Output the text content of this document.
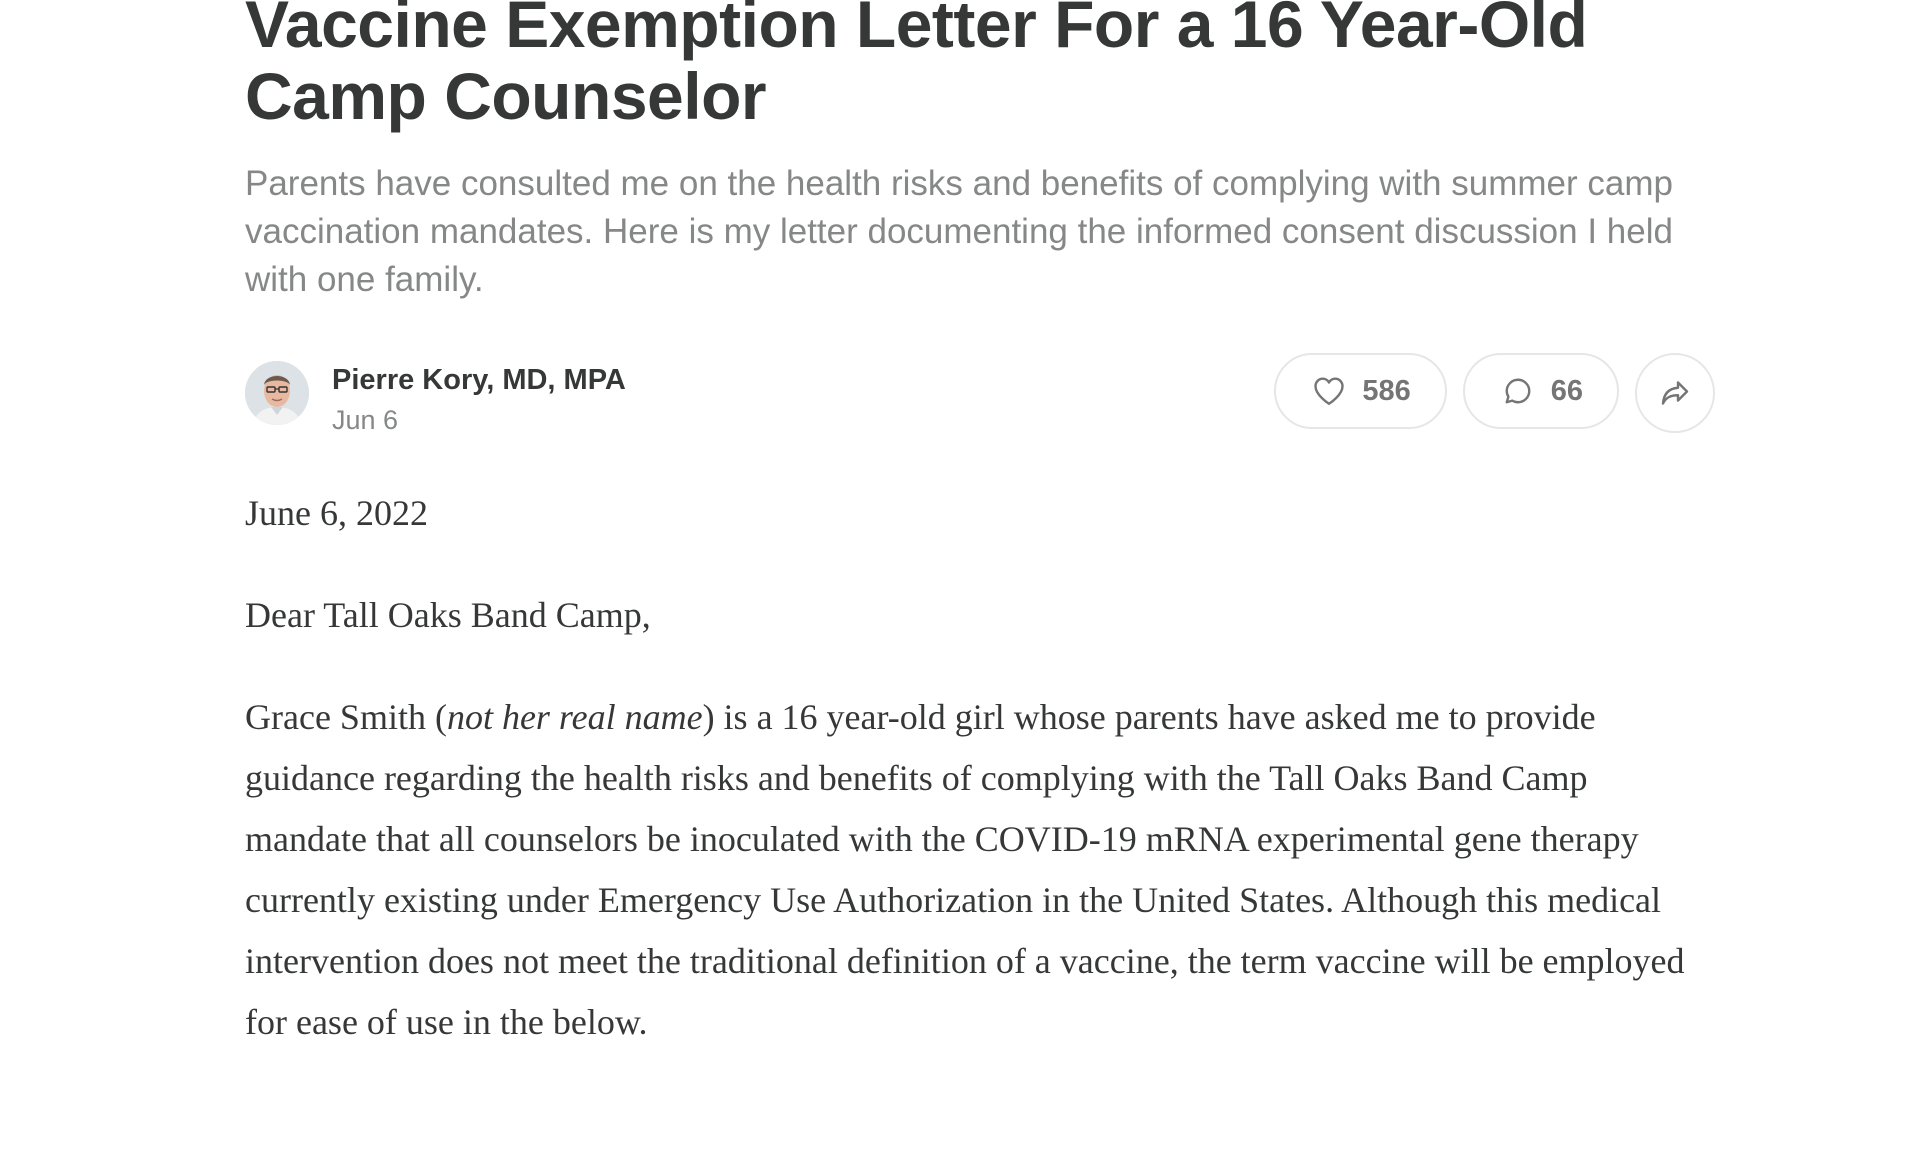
Vaccine Exemption Letter For a 16 Year-Old Camp Counselor
Parents have consulted me on the health risks and benefits of complying with summer camp vaccination mandates. Here is my letter documenting the informed consent discussion I held with one family.
Pierre Kory, MD, MPA
Jun 6
586	66

June 6, 2022

Dear Tall Oaks Band Camp,

Grace Smith (not her real name) is a 16 year-old girl whose parents have asked me to provide guidance regarding the health risks and benefits of complying with the Tall Oaks Band Camp mandate that all counselors be inoculated with the COVID-19 mRNA experimental gene therapy currently existing under Emergency Use Authorization in the United States. Although this medical intervention does not meet the traditional definition of a vaccine, the term vaccine will be employed for ease of use in the below.
